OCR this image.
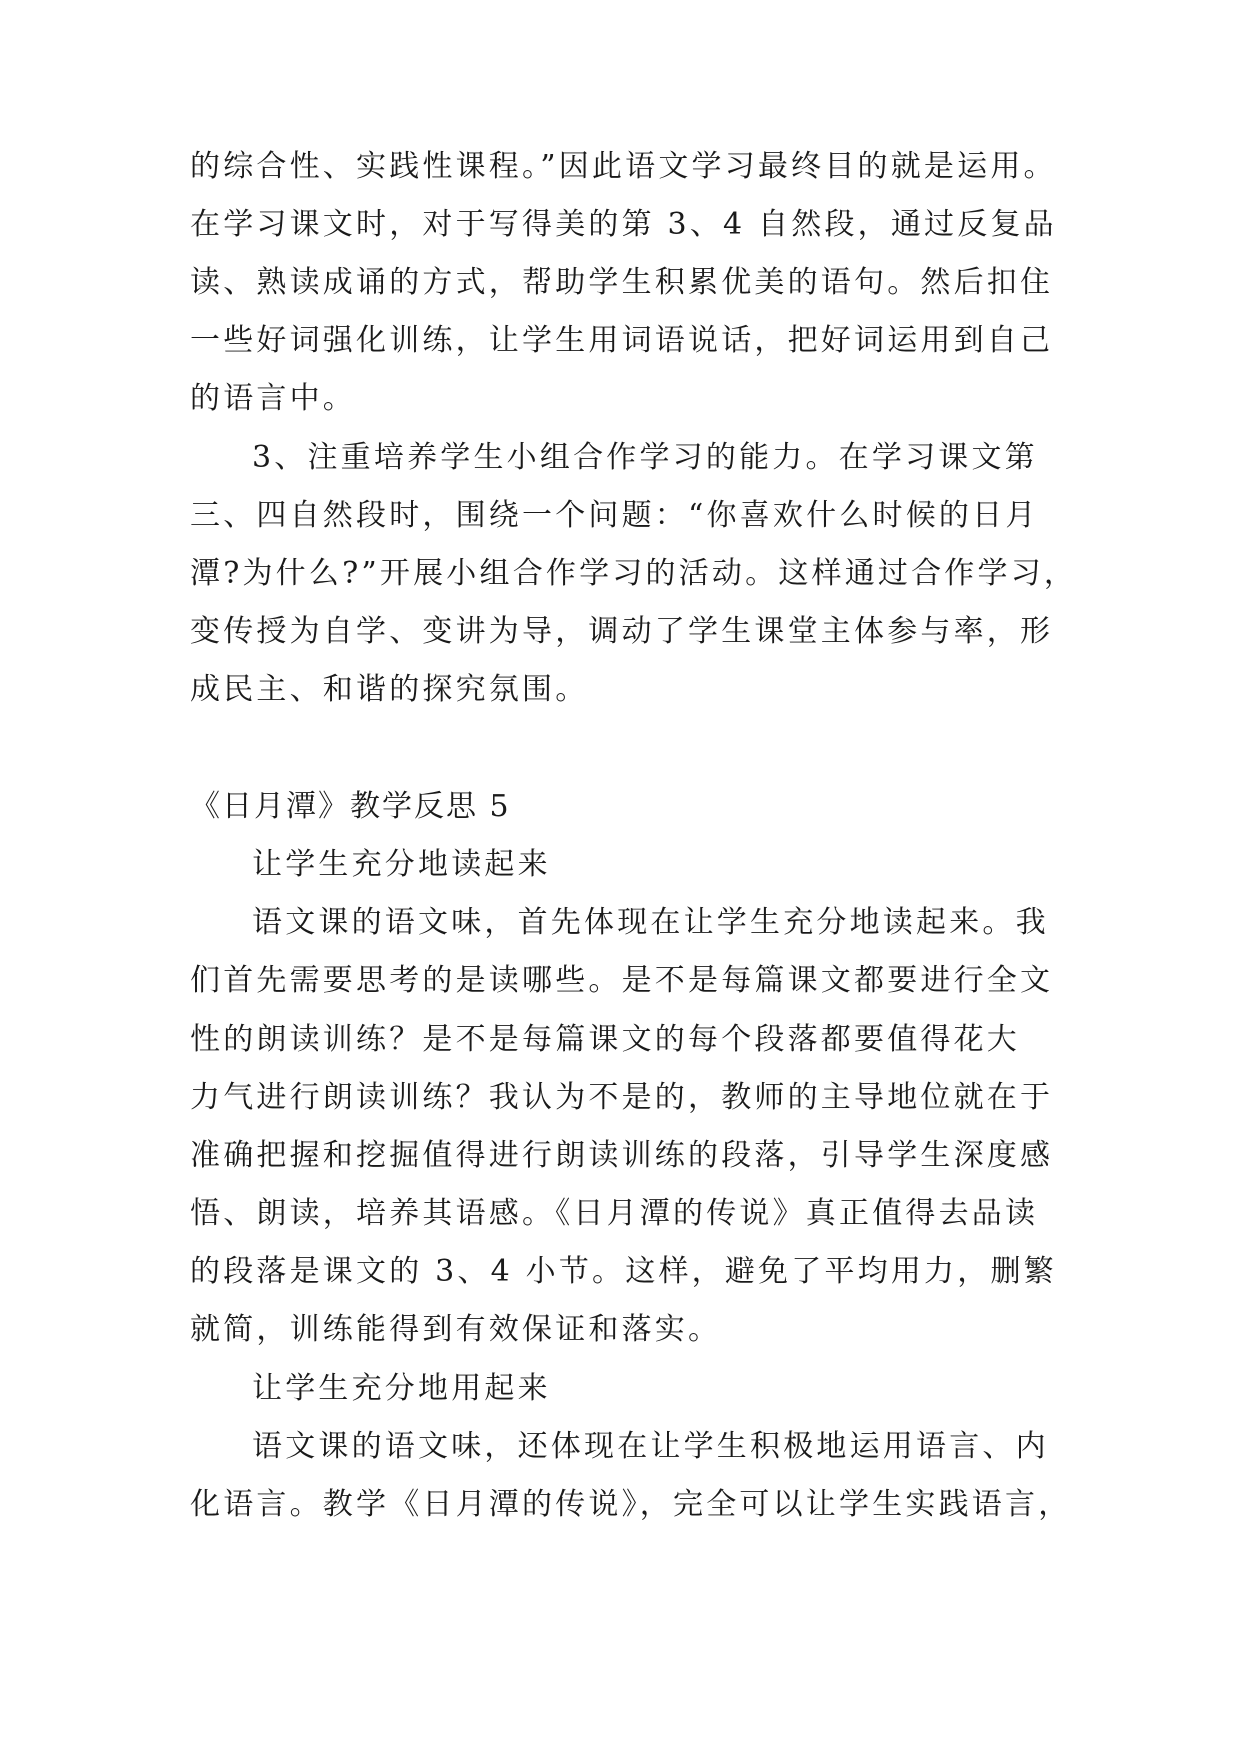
的综合性、实践性课程。”因此语文学习最终目的就是运用。
在学习课文时，对于写得美的第 3、4 自然段，通过反复品
读、熟读成诵的方式，帮助学生积累优美的语句。然后扣住
一些好词强化训练，让学生用词语说话，把好词运用到自己
的语言中。
3、注重培养学生小组合作学习的能力。在学习课文第
三、四自然段时，围绕一个问题：“你喜欢什么时候的日月
潭?为什么?”开展小组合作学习的活动。这样通过合作学习，
变传授为自学、变讲为导，调动了学生课堂主体参与率，形
成民主、和谐的探究氛围。
《日月潭》教学反思 5
让学生充分地读起来
语文课的语文味，首先体现在让学生充分地读起来。我
们首先需要思考的是读哪些。是不是每篇课文都要进行全文
性的朗读训练？是不是每篇课文的每个段落都要值得花大
力气进行朗读训练？我认为不是的，教师的主导地位就在于
准确把握和挖掘值得进行朗读训练的段落，引导学生深度感
悟、朗读，培养其语感。《日月潭的传说》真正值得去品读
的段落是课文的 3、4 小节。这样，避免了平均用力，删繁
就简，训练能得到有效保证和落实。
让学生充分地用起来
语文课的语文味，还体现在让学生积极地运用语言、内
化语言。教学《日月潭的传说》，完全可以让学生实践语言，
